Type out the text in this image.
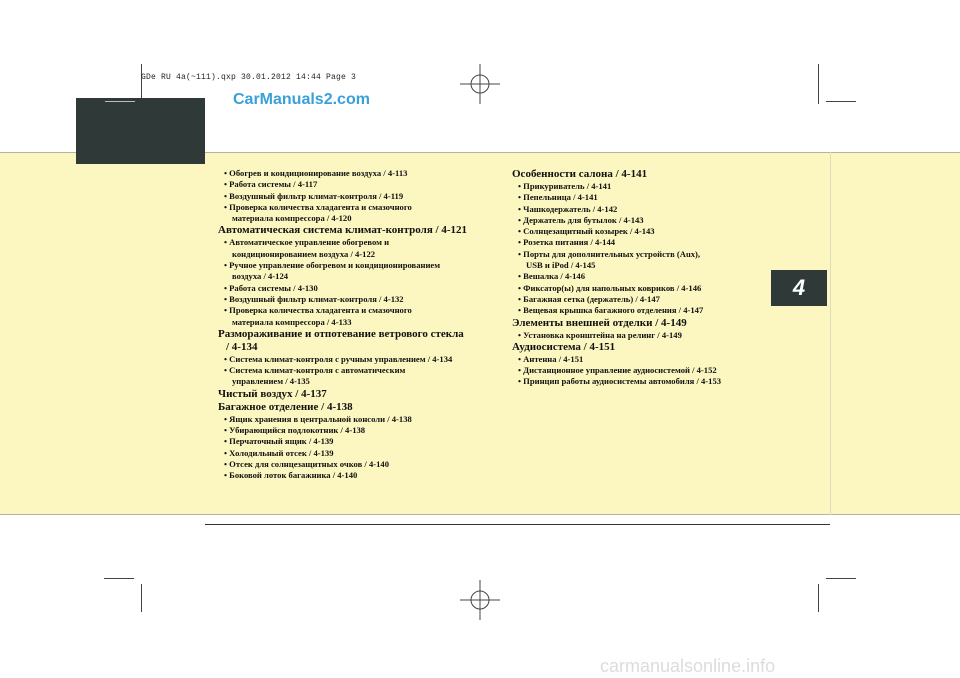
GDe RU 4a(~111).qxp 30.01.2012 14:44 Page 3
CarManuals2.com
4
• Обогрев и кондиционирование воздуха / 4-113
• Работа системы / 4-117
• Воздушный фильтр климат-контроля / 4-119
• Проверка количества хладагента и смазочного
материала компрессора / 4-120
Автоматическая система климат-контроля / 4-121
• Автоматическое управление обогревом и
кондиционированием воздуха / 4-122
• Ручное управление обогревом и кондиционированием
воздуха / 4-124
• Работа системы / 4-130
• Воздушный фильтр климат-контроля / 4-132
• Проверка количества хладагента и смазочного
материала компрессора / 4-133
Размораживание и отпотевание ветрового стекла
/ 4-134
• Система климат-контроля с ручным управлением / 4-134
• Система климат-контроля с автоматическим
управлением / 4-135
Чистый воздух / 4-137
Багажное отделение / 4-138
• Ящик хранения в центральной консоли / 4-138
• Убирающийся подлокотник / 4-138
• Перчаточный ящик / 4-139
• Холодильный отсек / 4-139
• Отсек для солнцезащитных очков / 4-140
• Боковой лоток багажника / 4-140
Особенности салона / 4-141
• Прикуриватель / 4-141
• Пепельница / 4-141
• Чашкодержатель / 4-142
• Держатель для бутылок / 4-143
• Солнцезащитный козырек / 4-143
• Розетка питания / 4-144
• Порты для дополнительных устройств (Aux),
USB и iPod / 4-145
• Вешалка / 4-146
• Фиксатор(ы) для напольных ковриков / 4-146
• Багажная сетка (держатель) / 4-147
• Вещевая крышка багажного отделения / 4-147
Элементы внешней отделки / 4-149
• Установка кронштейна на релинг / 4-149
Аудиосистема / 4-151
• Антенна / 4-151
• Дистанционное управление аудиосистемой / 4-152
• Принцип работы аудиосистемы автомобиля / 4-153
carmanualsonline.info
